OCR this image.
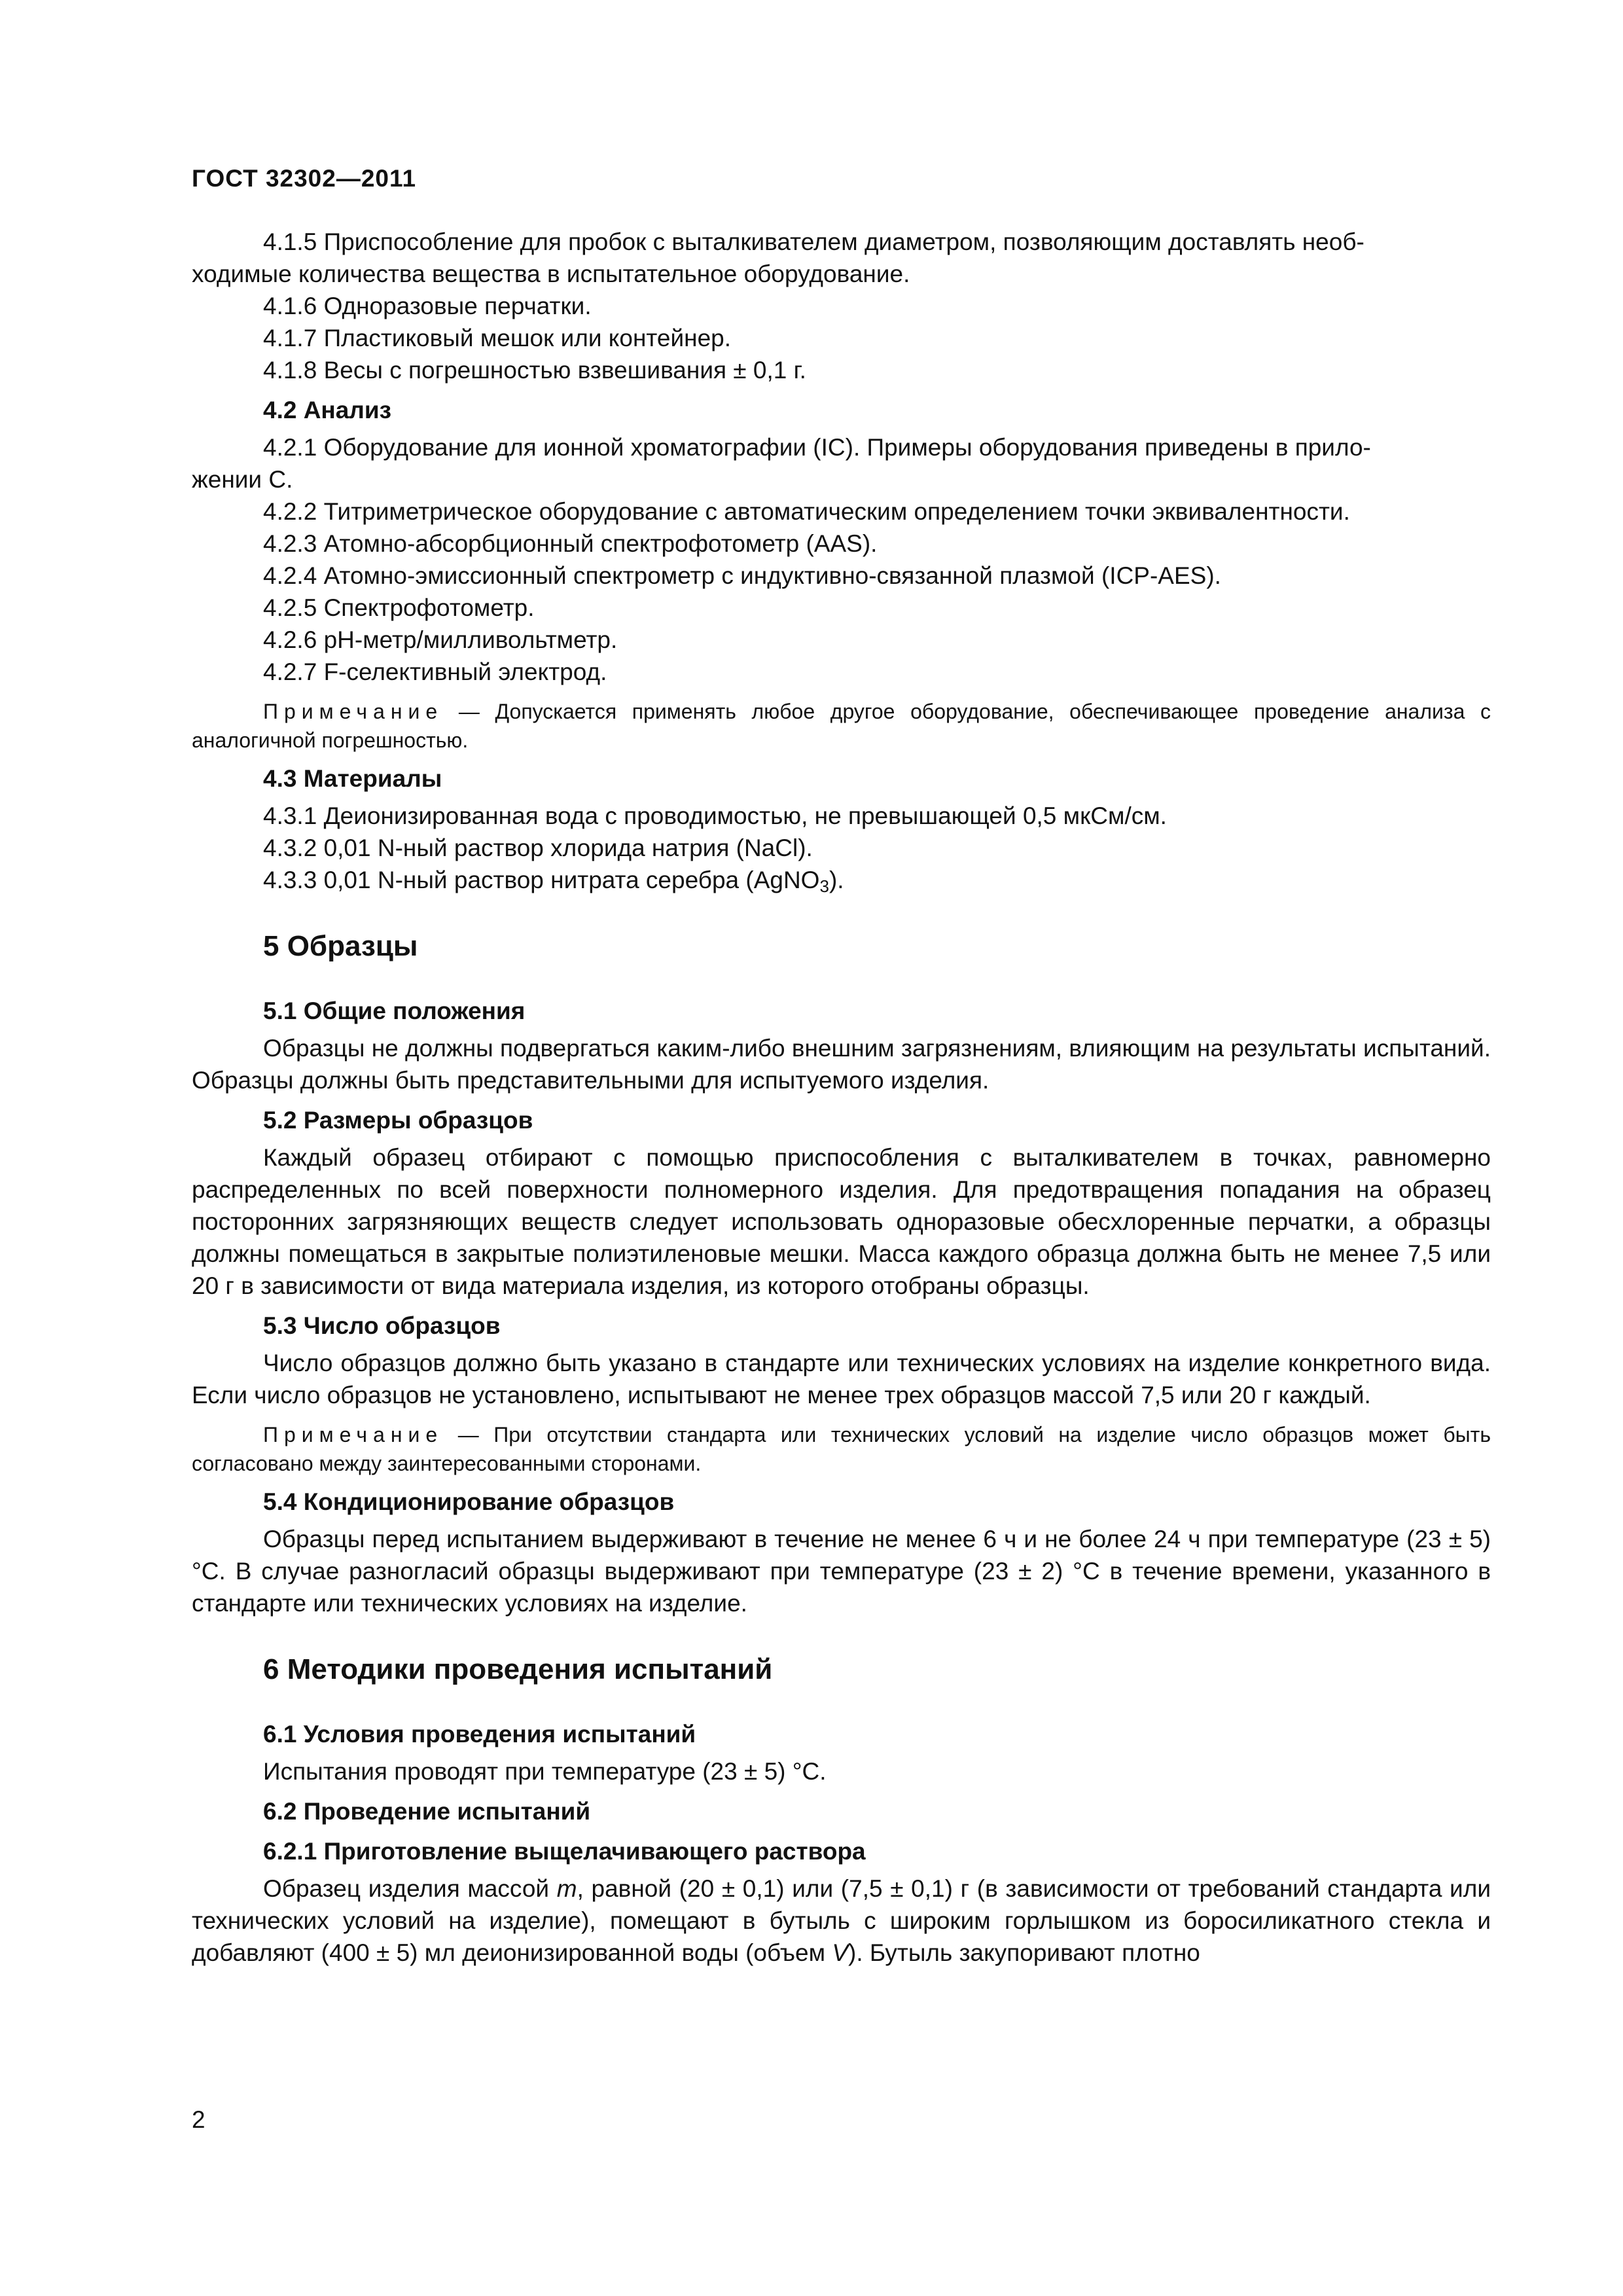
ГОСТ 32302—2011

4.1.5 Приспособление для пробок с выталкивателем диаметром, позволяющим доставлять необ-
ходимые количества вещества в испытательное оборудование.

4.1.6 Одноразовые перчатки.

4.1.7 Пластиковый мешок или контейнер.

4.1.8 Весы с погрешностью взвешивания ± 0,1 г.

4.2 Анализ

4.2.1 Оборудование для ионной хроматографии (IC). Примеры оборудования приведены в прило-
жении С.

4.2.2 Титриметрическое оборудование с автоматическим определением точки эквивалентности.

4.2.3 Атомно-абсорбционный спектрофотометр (AAS).

4.2.4 Атомно-эмиссионный спектрометр с индуктивно-связанной плазмой (ICP-AES).

4.2.5 Спектрофотометр.

4.2.6 рН-метр/милливольтметр.

4.2.7 F-селективный электрод.

Примечание — Допускается применять любое другое оборудование, обеспечивающее проведение анализа с аналогичной погрешностью.

4.3 Материалы

4.3.1 Деионизированная вода с проводимостью, не превышающей 0,5 мкСм/см.

4.3.2 0,01 N-ный раствор хлорида натрия (NaCl).

4.3.3 0,01 N-ный раствор нитрата серебра (AgNO$_3$).

5 Образцы

5.1 Общие положения

Образцы не должны подвергаться каким-либо внешним загрязнениям, влияющим на результаты испытаний. Образцы должны быть представительными для испытуемого изделия.

5.2 Размеры образцов

Каждый образец отбирают с помощью приспособления с выталкивателем в точках, равномерно распределенных по всей поверхности полномерного изделия. Для предотвращения попадания на образец посторонних загрязняющих веществ следует использовать одноразовые обесхлоренные перчатки, а образцы должны помещаться в закрытые полиэтиленовые мешки. Масса каждого образца должна быть не менее 7,5 или 20 г в зависимости от вида материала изделия, из которого отобраны образцы.

5.3 Число образцов

Число образцов должно быть указано в стандарте или технических условиях на изделие конкретного вида. Если число образцов не установлено, испытывают не менее трех образцов массой 7,5 или 20 г каждый.

Примечание — При отсутствии стандарта или технических условий на изделие число образцов может быть согласовано между заинтересованными сторонами.

5.4 Кондиционирование образцов

Образцы перед испытанием выдерживают в течение не менее 6 ч и не более 24 ч при температуре (23 ± 5) °С. В случае разногласий образцы выдерживают при температуре (23 ± 2) °С в течение времени, указанного в стандарте или технических условиях на изделие.

6 Методики проведения испытаний

6.1 Условия проведения испытаний

Испытания проводят при температуре (23 ± 5) °С.

6.2 Проведение испытаний

6.2.1 Приготовление выщелачивающего раствора

Образец изделия массой m, равной (20 ± 0,1) или (7,5 ± 0,1) г (в зависимости от требований стандарта или технических условий на изделие), помещают в бутыль с широким горлышком из боросиликатного стекла и добавляют (400 ± 5) мл деионизированной воды (объем V). Бутыль закупоривают плотно

2
